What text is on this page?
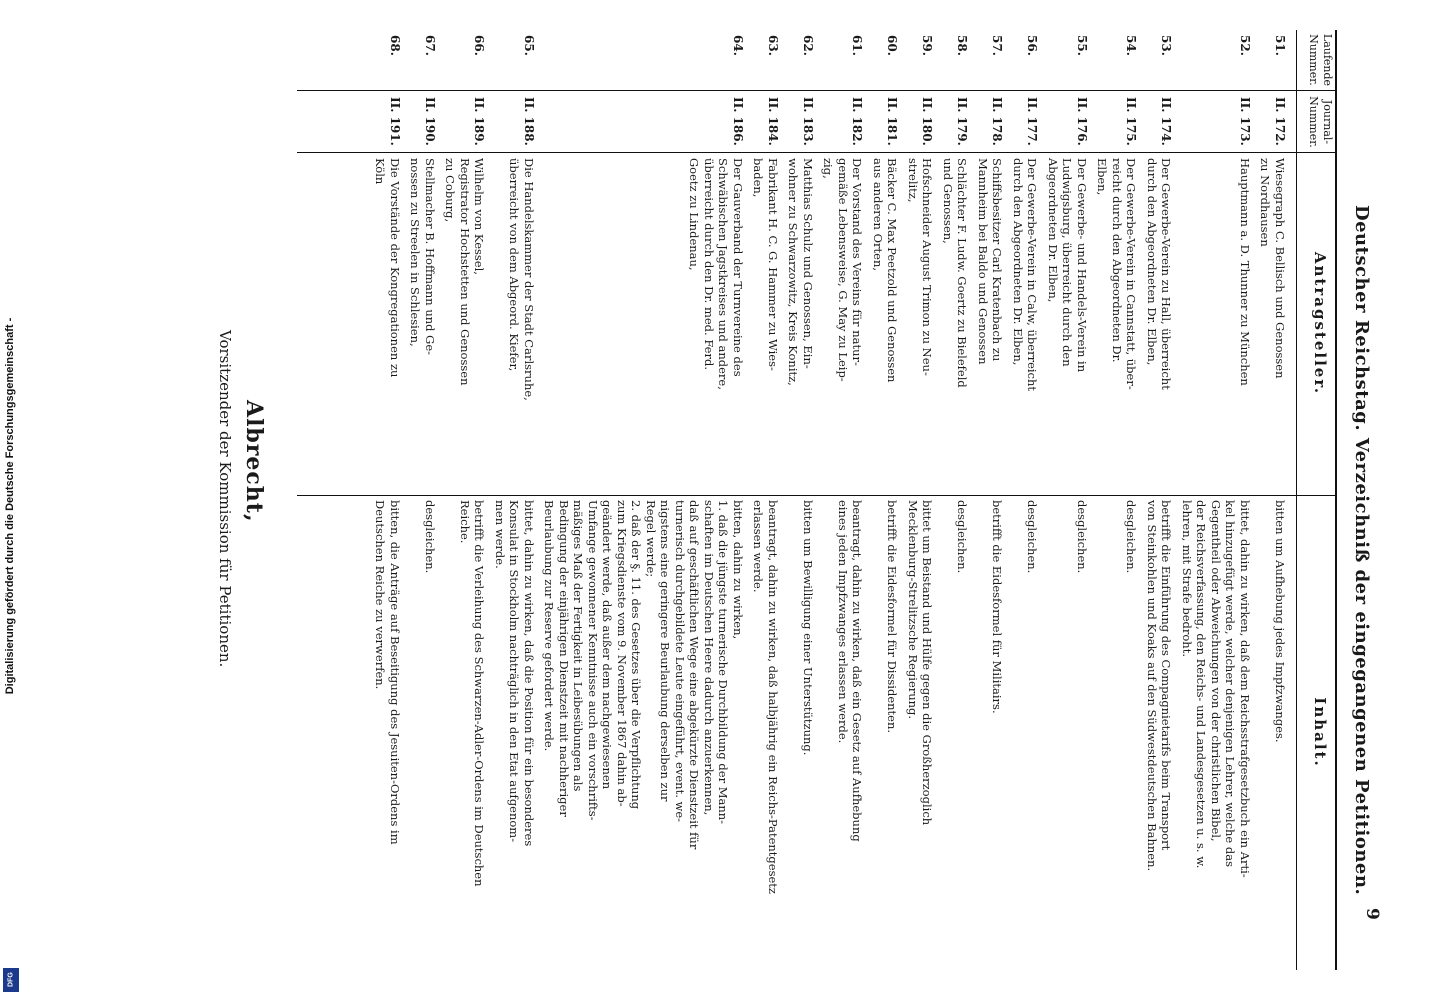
9
Deutscher Reichstag. Verzeichniß der eingegangenen Petitionen.
Laufende Nummer.
Journal-Nummer.
Antragsteller.
Inhalt.
51.
II. 172.
Wiesegraph C. Bellisch und Genossen
zu Nordhausen
bitten um Aufhebung jedes Impfzwanges.
52.
II. 173.
Hauptmann a. D. Thunner zu München
bittet, dahin zu wirken, daß dem Reichsstrafgesetzbuch ein Arti-
kel hinzugefügt werde, welcher denjenigen Lehrer, welche das
Gegentheil oder Abweichungen von der christlichen Bibel,
der Reichsverfassung, den Reichs- und Landesgesetzen u. s. w.
lehren, mit Strafe bedroht.
53.
II. 174.
Der Gewerbe-Verein zu Hall, überreicht
durch den Abgeordneten Dr. Elben,
betrifft die Einführung des Compagnietarifs beim Transport
von Steinkohlen und Koaks auf den Südwestdeutschen Bahnen.
54.
II. 175.
Der Gewerbe-Verein in Cannstatt, über-
reicht durch den Abgeordneten Dr.
Elben,
desgleichen.
55.
II. 176.
Der Gewerbe- und Handels-Verein in
Ludwigsburg, überreicht durch den
Abgeordneten Dr. Elben,
desgleichen.
56.
II. 177.
Der Gewerbe-Verein in Calw, überreicht
durch den Abgeordneten Dr. Elben,
desgleichen.
57.
II. 178.
Schiffsbesitzer Carl Kratenbach zu
Mannheim bei Baldo und Genossen
betrifft die Eidesformel für Militairs.
58.
II. 179.
Schlächter F. Ludw. Goertz zu Bielefeld
und Genossen,
desgleichen.
59.
II. 180.
Hofschneider August Trimon zu Neu-
strelitz,
bittet um Beistand und Hülfe gegen die Großherzoglich
Mecklenburg-Strelitzsche Regierung.
60.
II. 181.
Bäcker C. Max Peetzold und Genossen
aus anderen Orten,
betrifft die Eidesformel für Dissidenten.
61.
II. 182.
Der Vorstand des Vereins für natur-
gemäße Lebensweise, G. May zu Leip-
zig,
beantragt, dahin zu wirken, daß ein Gesetz auf Aufhebung
eines jeden Impfzwanges erlassen werde.
62.
II. 183.
Matthias Schulz und Genossen, Ein-
wohner zu Schwarzowitz, Kreis Konitz,
bitten um Bewilligung einer Unterstützung.
63.
II. 184.
Fabrikant H. C. G. Hammer zu Wies-
baden,
beantragt, dahin zu wirken, daß halbjährig ein Reichs-Patentgesetz
erlassen werde.
64.
II. 186.
Der Gauverband der Turnvereine des
Schwäbischen Jagstkreises und andere,
überreicht durch den Dr. med. Ferd.
Goetz zu Lindenau,
bitten, dahin zu wirken,
1. daß die jüngste turnerische Durchbildung der Mann-
schaften im Deutschen Heere dadurch anzuerkennen,
daß auf geschäftlichen Wege eine abgekürzte Dienstzeit für
turnerisch durchgebildete Leute eingeführt, event. we-
nigstens eine geringere Beurlaubung derselben zur
Regel werde;
2. daß der §. 11. des Gesetzes über die Verpflichtung
zum Kriegsdienste vom 9. November 1867 dahin ab-
geändert werde, daß außer dem nachgewiesenen
Umfange gewonnener Kenntnisse auch ein vorschrifts-
mäßiges Maß der Fertigkeit in Leibesübungen als
Bedingung der einjährigen Dienstzeit mit nachheriger
Beurlaubung zur Reserve gefordert werde.
65.
II. 188.
Die Handelskammer der Stadt Carlsruhe,
überreicht von dem Abgeord. Kiefer,
bittet, dahin zu wirken, daß die Position für ein besonderes
Konsulat in Stockholm nachträglich in den Etat aufgenom-
men werde.
66.
II. 189.
Wilhelm von Kessel,
Registrator Hochstetten und Genossen
zu Coburg,
betrifft die Verleihung des Schwarzen-Adler-Ordens im Deutschen
Reiche.
67.
II. 190.
Stellmacher B. Hoffmann und Ge-
nossen zu Streelen in Schlesien,
desgleichen.
68.
II. 191.
Die Vorstände der Kongregationen zu
Köln
bitten, die Anträge auf Beseitigung des Jesuiten-Ordens im
Deutschen Reiche zu verwerfen.
Albrecht,
Vorsitzender der Kommission für Petitionen.
Digitalisierung gefördert durch die Deutsche Forschungsgemeinschaft -
DFG
